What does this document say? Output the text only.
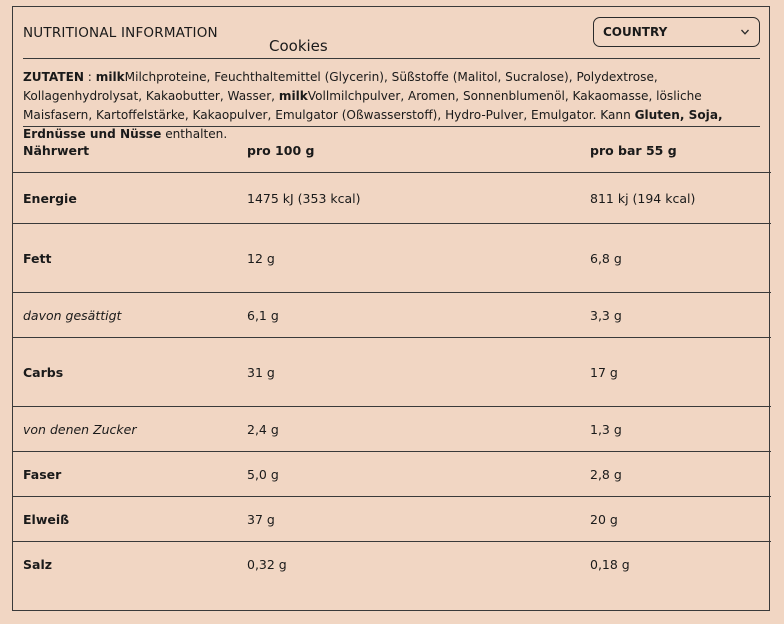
NUTRITIONAL INFORMATION
Cookies
COUNTRY
ZUTATEN : milkMilchproteine, Feuchthaltemittel (Glycerin), Süßstoffe (Malitol, Sucralose), Polydextrose, Kollagenhydrolysat, Kakaobutter, Wasser, milkVollmilchpulver, Aromen, Sonnenblumenöl, Kakaomasse, lösliche Maisfasern, Kartoffelstärke, Kakaopulver, Emulgator (Oßwasserstoff), Hydro-Pulver, Emulgator. Kann Gluten, Soja, Erdnüsse und Nüsse enthalten.
Nährwert	pro 100 g	pro bar 55 g
Energie	1475 kJ (353 kcal)	811 kj (194 kcal)
Fett	12 g	6,8 g
davon gesättigt	6,1 g	3,3 g
Carbs	31 g	17 g
von denen Zucker	2,4 g	1,3 g
Faser	5,0 g	2,8 g
Elweiß	37 g	20 g
Salz	0,32 g	0,18 g
